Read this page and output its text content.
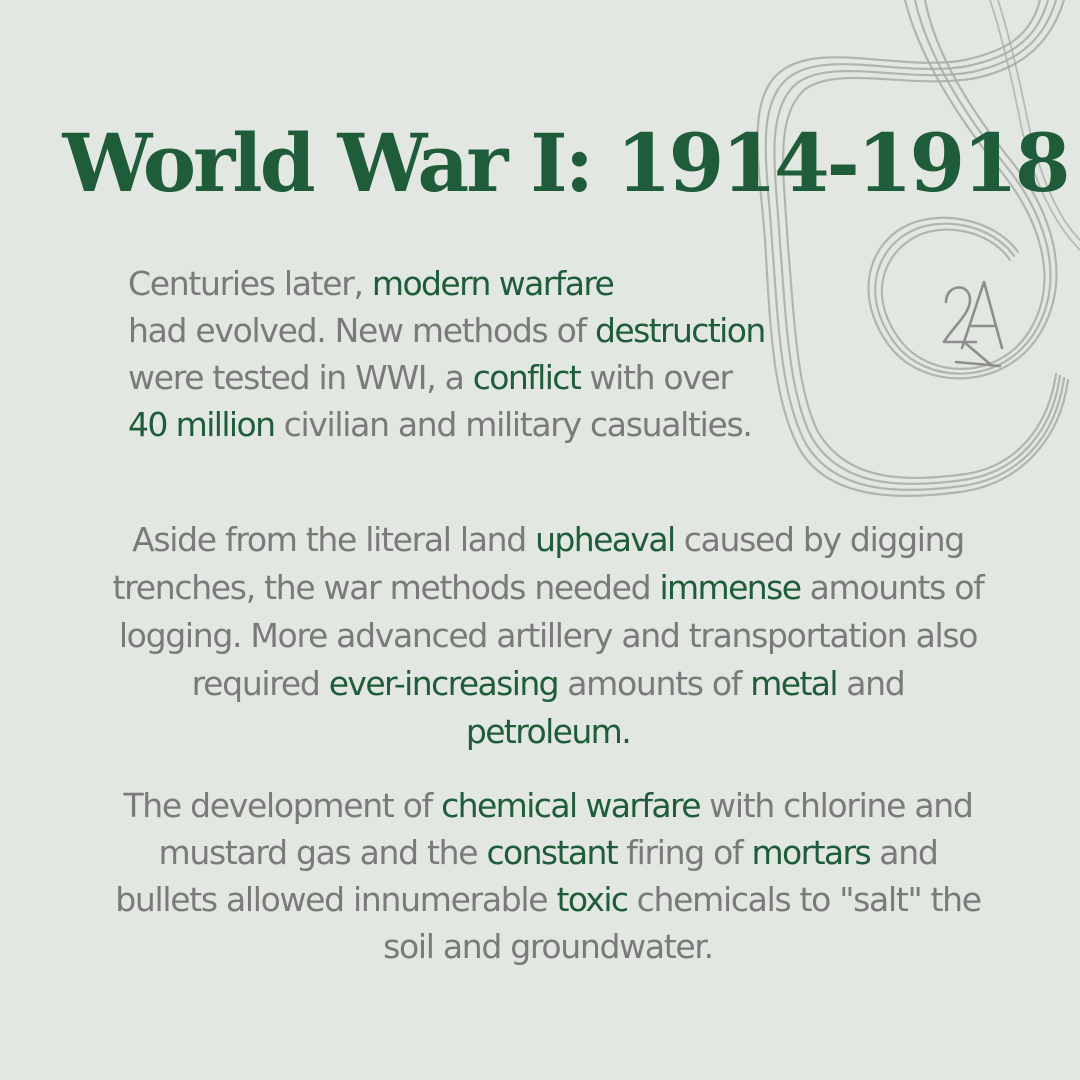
World War I: 1914-1918

Centuries later, modern warfare
had evolved. New methods of destruction were tested in WWI, a conflict with over 40 million civilian and military casualties.

Aside from the literal land upheaval caused by digging trenches, the war methods needed immense amounts of logging. More advanced artillery and transportation also required ever-increasing amounts of metal and petroleum.

The development of chemical warfare with chlorine and mustard gas and the constant firing of mortars and bullets allowed innumerable toxic chemicals to "salt" the soil and groundwater.
